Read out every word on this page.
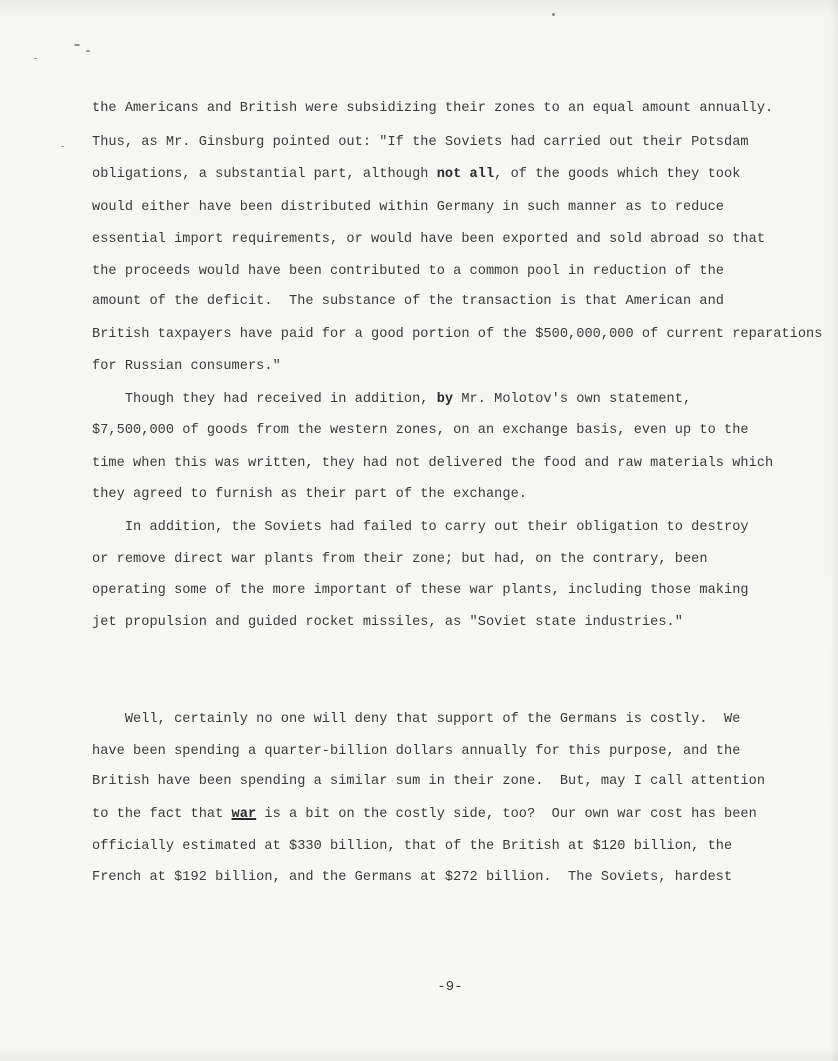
the Americans and British were subsidizing their zones to an equal amount annually.
Thus, as Mr. Ginsburg pointed out: "If the Soviets had carried out their Potsdam
obligations, a substantial part, although not all, of the goods which they took
would either have been distributed within Germany in such manner as to reduce
essential import requirements, or would have been exported and sold abroad so that
the proceeds would have been contributed to a common pool in reduction of the
amount of the deficit.  The substance of the transaction is that American and
British taxpayers have paid for a good portion of the $500,000,000 of current reparations
for Russian consumers."
Though they had received in addition, by Mr. Molotov's own statement,
$7,500,000 of goods from the western zones, on an exchange basis, even up to the
time when this was written, they had not delivered the food and raw materials which
they agreed to furnish as their part of the exchange.
In addition, the Soviets had failed to carry out their obligation to destroy
or remove direct war plants from their zone; but had, on the contrary, been
operating some of the more important of these war plants, including those making
jet propulsion and guided rocket missiles, as "Soviet state industries."
Well, certainly no one will deny that support of the Germans is costly.  We
have been spending a quarter-billion dollars annually for this purpose, and the
British have been spending a similar sum in their zone.  But, may I call attention
to the fact that war is a bit on the costly side, too?  Our own war cost has been
officially estimated at $330 billion, that of the British at $120 billion, the
French at $192 billion, and the Germans at $272 billion.  The Soviets, hardest
-9-
